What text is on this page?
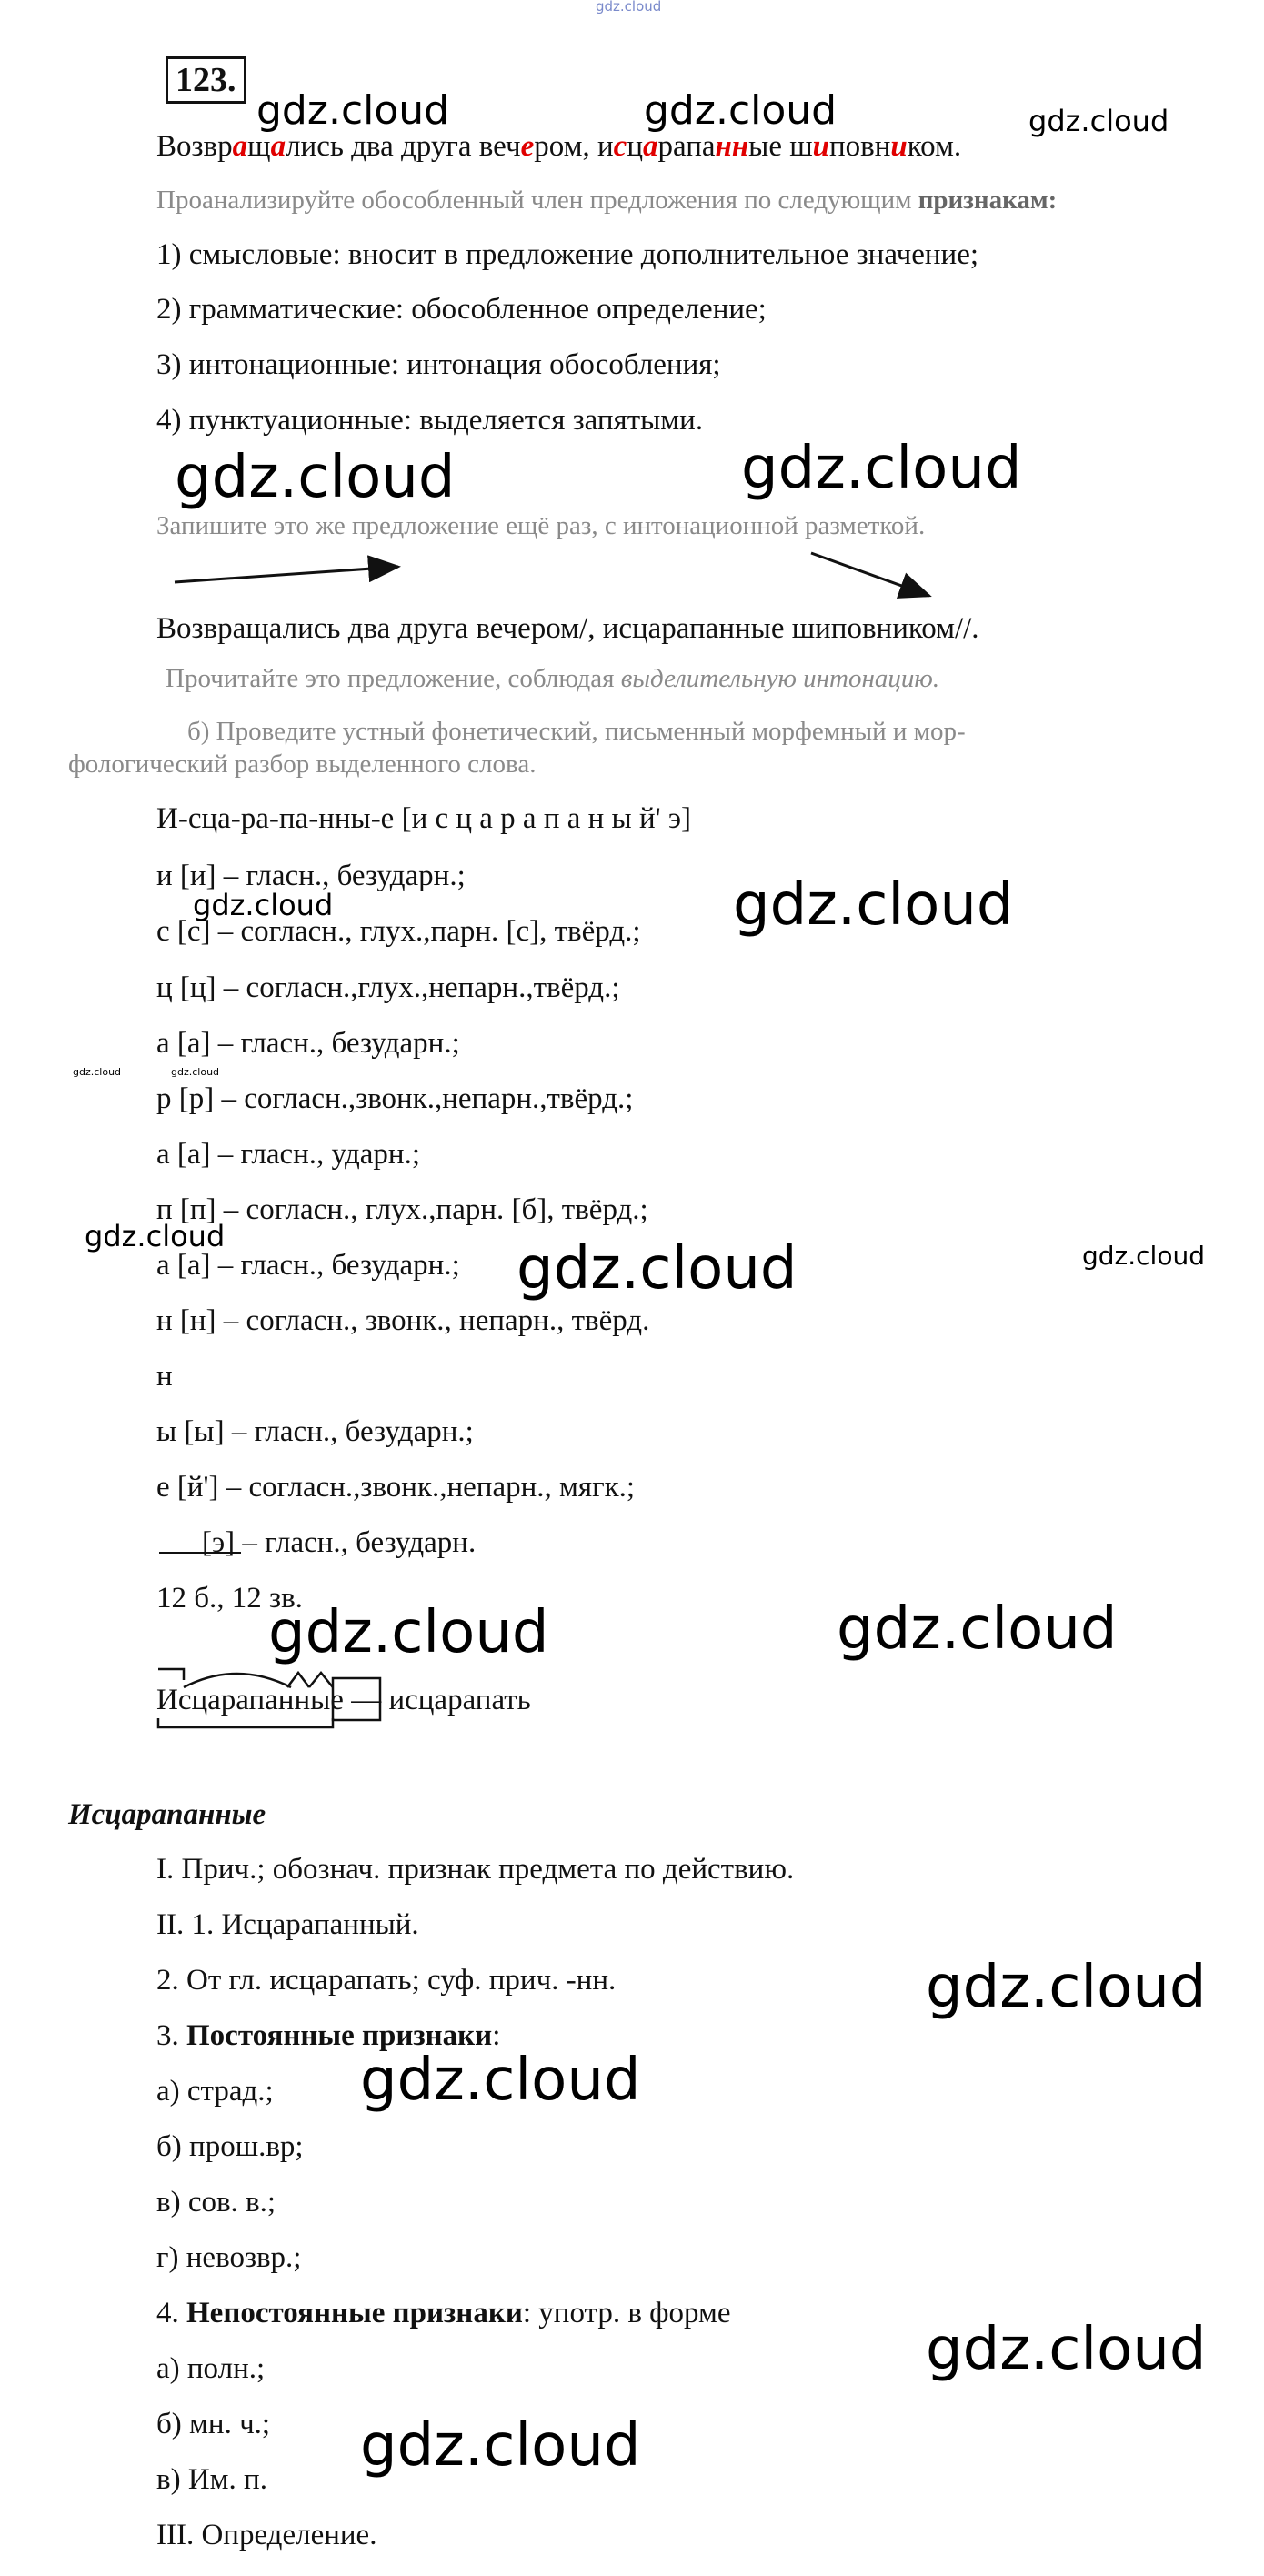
gdz.cloud
123.
Возвращались два друга вечером, исцарапанные шиповником.
Проанализируйте обособленный член предложения по следующим признакам:
1) смысловые: вносит в предложение дополнительное значение;
2) грамматические: обособленное определение;
3) интонационные: интонация обособления;
4) пунктуационные: выделяется запятыми.
Запишите это же предложение ещё раз, с интонационной разметкой.
Возвращались два друга вечером/, исцарапанные шиповником//.
Прочитайте это предложение, соблюдая выделительную интонацию.
б) Проведите устный фонетический, письменный морфемный и мор-
фологический разбор выделенного слова.
И-сца-ра-па-нны-е [и с ц а р а п а н ы й' э]
и [и] – гласн., безударн.;
с [с] – согласн., глух.,парн. [с], твёрд.;
ц [ц] – согласн.,глух.,непарн.,твёрд.;
а [а] – гласн., безударн.;
р [р] – согласн.,звонк.,непарн.,твёрд.;
а [а] – гласн., ударн.;
п [п] – согласн., глух.,парн. [б], твёрд.;
а [а] – гласн., безударн.;
н [н] – согласн., звонк., непарн., твёрд.
н
ы [ы] – гласн., безударн.;
е [й'] – согласн.,звонк.,непарн., мягк.;
[э] – гласн., безударн.
12 б., 12 зв.
Исцарапанные — исцарапать
Исцарапанные
I. Прич.; обознач. признак предмета по действию.
II. 1. Исцарапанный.
2. От гл. исцарапать; суф. прич. -нн.
3. Постоянные признаки:
а) страд.;
б) прош.вр;
в) сов. в.;
г) невозвр.;
4. Непостоянные признаки: употр. в форме
а) полн.;
б) мн. ч.;
в) Им. п.
III. Определение.
gdz.cloud	gdz.cloud	gdz.cloud
gdz.cloud	gdz.cloud
gdz.cloud	gdz.cloud
gdz.cloud	gdz.cloud
gdz.cloud	gdz.cloud	gdz.cloud
gdz.cloud	gdz.cloud
gdz.cloud
gdz.cloud
gdz.cloud
gdz.cloud
